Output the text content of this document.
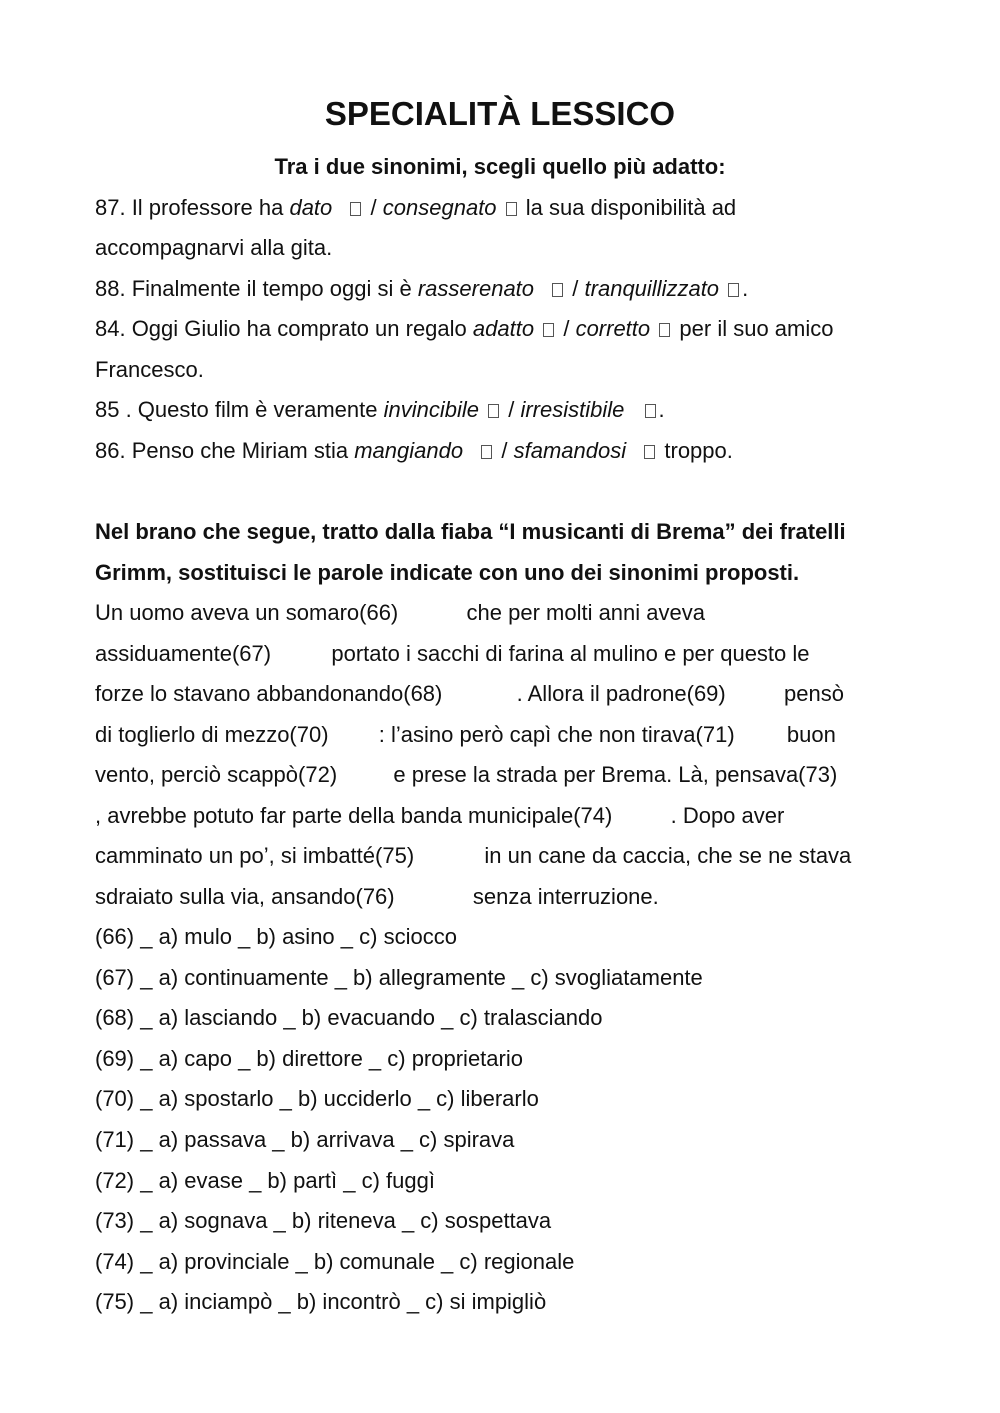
SPECIALITÀ LESSICO
Tra i due sinonimi, scegli quello più adatto:
87. Il professore ha dato / consegnato la sua disponibilità ad
accompagnarvi alla gita.
88. Finalmente il tempo oggi si è rasserenato / tranquillizzato .
84. Oggi Giulio ha comprato un regalo adatto / corretto per il suo amico
Francesco.
85 . Questo film è veramente invincibile / irresistibile .
86. Penso che Miriam stia mangiando / sfamandosi troppo.
Nel brano che segue, tratto dalla fiaba “I musicanti di Brema” dei fratelli
Grimm, sostituisci le parole indicate con uno dei sinonimi proposti.
Un uomo aveva un somaro(66)	che per molti anni aveva
assiduamente(67)	portato i sacchi di farina al mulino e per questo le
forze lo stavano abbandonando(68)	. Allora il padrone(69)	pensò
di toglierlo di mezzo(70) : l’asino però capì che non tirava(71) buon
vento, perciò scappò(72)	e prese la strada per Brema. Là, pensava(73)
, avrebbe potuto far parte della banda municipale(74)	. Dopo aver
camminato un po’, si imbatté(75)	in un cane da caccia, che se ne stava
sdraiato sulla via, ansando(76)	senza interruzione.
(66) _ a) mulo _ b) asino _ c) sciocco
(67) _ a) continuamente _ b) allegramente _ c) svogliatamente
(68) _ a) lasciando _ b) evacuando _ c) tralasciando
(69) _ a) capo _ b) direttore _ c) proprietario
(70) _ a) spostarlo _ b) ucciderlo _ c) liberarlo
(71) _ a) passava _ b) arrivava _ c) spirava
(72) _ a) evase _ b) partì _ c) fuggì
(73) _ a) sognava _ b) riteneva _ c) sospettava
(74) _ a) provinciale _ b) comunale _ c) regionale
(75) _ a) inciampò _ b) incontrò _ c) si impigliò
